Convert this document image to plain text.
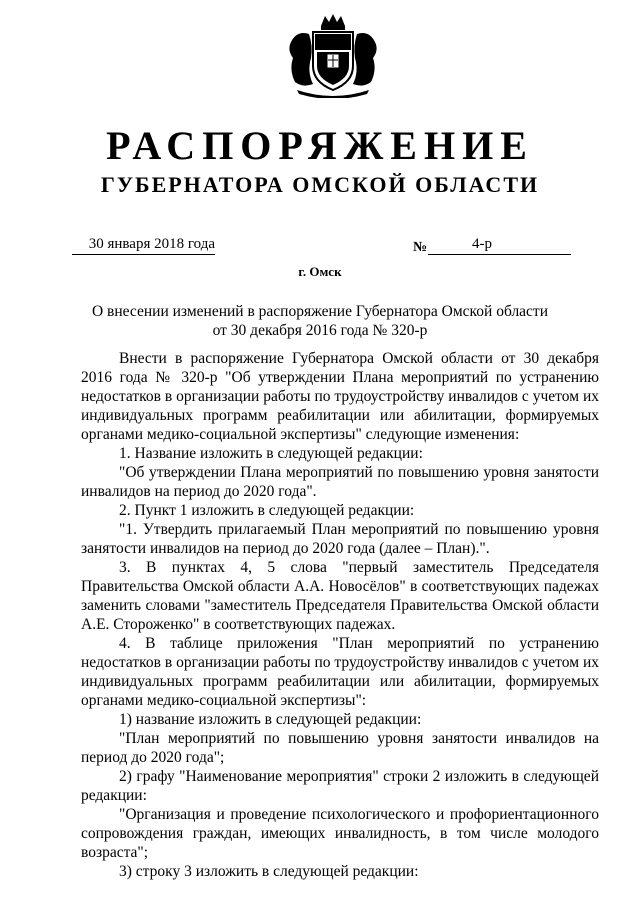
РАСПОРЯЖЕНИЕ
ГУБЕРНАТОРА ОМСКОЙ ОБЛАСТИ
30 января 2018 года	№	4-р
г. Омск
О внесении изменений в распоряжение Губернатора Омской области
от 30 декабря 2016 года № 320-р

Внести в распоряжение Губернатора Омской области от 30 декабря 2016 года № 320-р "Об утверждении Плана мероприятий по устранению недостатков в организации работы по трудоустройству инвалидов с учетом их индивидуальных программ реабилитации или абилитации, формируемых органами медико-социальной экспертизы" следующие изменения:

1. Название изложить в следующей редакции:

"Об утверждении Плана мероприятий по повышению уровня занятости инвалидов на период до 2020 года".

2. Пункт 1 изложить в следующей редакции:

"1. Утвердить прилагаемый План мероприятий по повышению уровня занятости инвалидов на период до 2020 года (далее – План).".

3. В пунктах 4, 5 слова "первый заместитель Председателя Правительства Омской области А.А. Новосёлов" в соответствующих падежах заменить словами "заместитель Председателя Правительства Омской области А.Е. Стороженко" в соответствующих падежах.

4. В таблице приложения "План мероприятий по устранению недостатков в организации работы по трудоустройству инвалидов с учетом их индивидуальных программ реабилитации или абилитации, формируемых органами медико-социальной экспертизы":

1) название изложить в следующей редакции:

"План мероприятий по повышению уровня занятости инвалидов на период до 2020 года";

2) графу "Наименование мероприятия" строки 2 изложить в следующей редакции:

"Организация и проведение психологического и профориентационного сопровождения граждан, имеющих инвалидность, в том числе молодого возраста";

3) строку 3 изложить в следующей редакции:
